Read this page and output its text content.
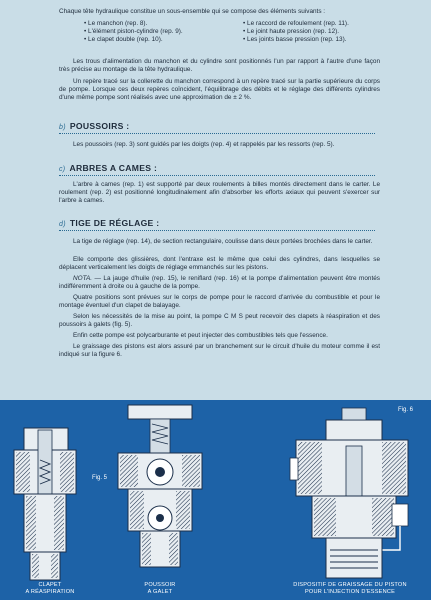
Chaque tête hydraulique constitue un sous-ensemble qui se compose des éléments suivants :

• Le manchon (rep. 8).
• L'élément piston-cylindre (rep. 9).
• Le clapet double (rep. 10).
• Le raccord de refoulement (rep. 11).
• Le joint haute pression (rep. 12).
• Les joints basse pression (rep. 13).

Les trous d'alimentation du manchon et du cylindre sont positionnés l'un par rapport à l'autre d'une façon très précise au montage de la tête hydraulique.

Un repère tracé sur la collerette du manchon correspond à un repère tracé sur la partie supérieure du corps de pompe. Lorsque ces deux repères coïncident, l'équilibrage des débits et le réglage des différents cylindres d'une même pompe sont réalisés avec une approximation de ± 2 %.

b) POUSSOIRS :

Les poussoirs (rep. 3) sont guidés par les doigts (rep. 4) et rappelés par les ressorts (rep. 5).

c) ARBRES A CAMES :

L'arbre à cames (rep. 1) est supporté par deux roulements à billes montés directement dans le carter. Le roulement (rep. 2) est positionné longitudinalement afin d'absorber les efforts axiaux qui peuvent s'exercer sur l'arbre à cames.

d) TIGE DE RÉGLAGE :

La tige de réglage (rep. 14), de section rectangulaire, coulisse dans deux portées brochées dans le carter.

Elle comporte des glissières, dont l'entraxe est le même que celui des cylindres, dans lesquelles se déplacent verticalement les doigts de réglage emmanchés sur les pistons.

NOTA. — La jauge d'huile (rep. 15), le reniflard (rep. 16) et la pompe d'alimentation peuvent être montés indifféremment à droite ou à gauche de la pompe.

Quatre positions sont prévues sur le corps de pompe pour le raccord d'arrivée du combustible et pour le montage éventuel d'un clapet de balayage.

Selon les nécessités de la mise au point, la pompe C M S peut recevoir des clapets à réaspiration et des poussoirs à galets (fig. 5).

Enfin cette pompe est polycarburante et peut injecter des combustibles tels que l'essence.

Le graissage des pistons est alors assuré par un branchement sur le circuit d'huile du moteur comme il est indiqué sur la figure 6.

Fig. 5
Fig. 6
CLAPET
A RÉASPIRATION
POUSSOIR
A GALET
DISPOSITIF DE GRAISSAGE DU PISTON
POUR L'INJECTION D'ESSENCE
